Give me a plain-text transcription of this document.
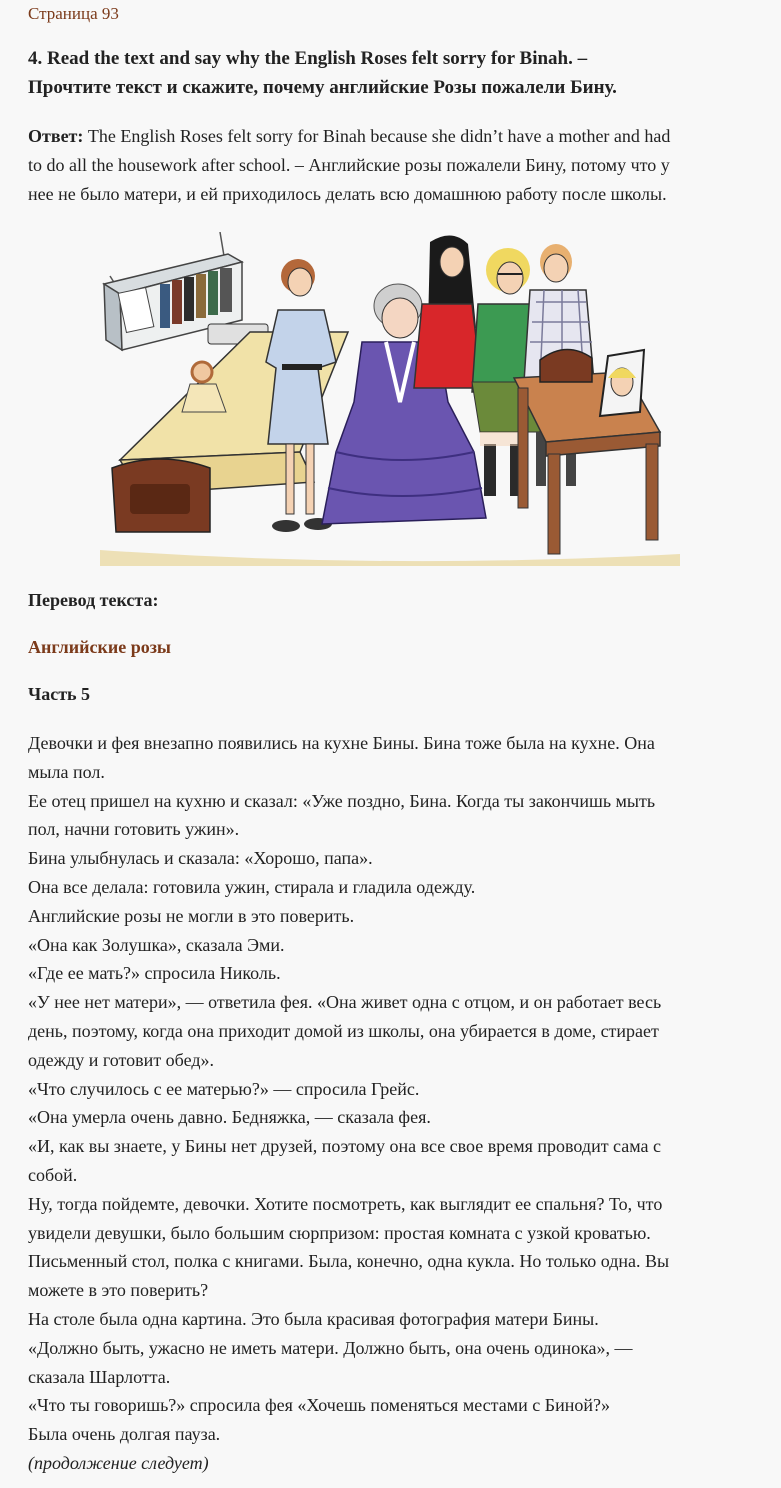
Страница 93
4. Read the text and say why the English Roses felt sorry for Binah. –
Прочтите текст и скажите, почему английские Розы пожалели Бину.
Ответ: The English Roses felt sorry for Binah because she didn’t have a mother and had
to do all the housework after school. – Английские розы пожалели Бину, потому что у
нее не было матери, и ей приходилось делать всю домашнюю работу после школы.
Перевод текста:
Английские розы
Часть 5
Девочки и фея внезапно появились на кухне Бины. Бина тоже была на кухне. Она
мыла пол.
Ее отец пришел на кухню и сказал: «Уже поздно, Бина. Когда ты закончишь мыть
пол, начни готовить ужин».
Бина улыбнулась и сказала: «Хорошо, папа».
Она все делала: готовила ужин, стирала и гладила одежду.
Английские розы не могли в это поверить.
«Она как Золушка», сказала Эми.
«Где ее мать?» спросила Николь.
«У нее нет матери», — ответила фея. «Она живет одна с отцом, и он работает весь
день, поэтому, когда она приходит домой из школы, она убирается в доме, стирает
одежду и готовит обед».
«Что случилось с ее матерью?» — спросила Грейс.
«Она умерла очень давно. Бедняжка, — сказала фея.
«И, как вы знаете, у Бины нет друзей, поэтому она все свое время проводит сама с
собой.
Ну, тогда пойдемте, девочки. Хотите посмотреть, как выглядит ее спальня? То, что
увидели девушки, было большим сюрпризом: простая комната с узкой кроватью.
Письменный стол, полка с книгами. Была, конечно, одна кукла. Но только одна. Вы
можете в это поверить?
На столе была одна картина. Это была красивая фотография матери Бины.
«Должно быть, ужасно не иметь матери. Должно быть, она очень одинока», —
сказала Шарлотта.
«Что ты говоришь?» спросила фея «Хочешь поменяться местами с Биной?»
Была очень долгая пауза.
(продолжение следует)
